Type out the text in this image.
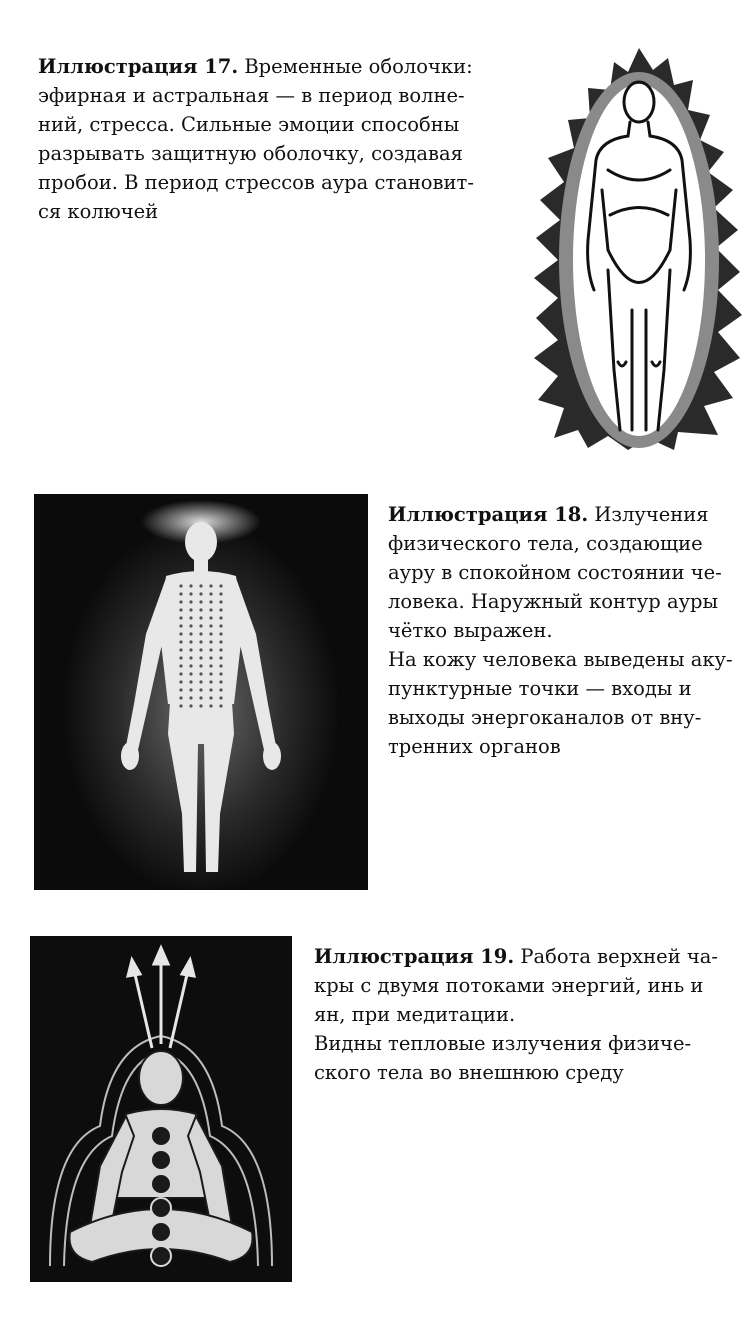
Иллюстрация 17. Временные оболочки:
эфирная и астральная — в период волне-
ний, стресса. Сильные эмоции способны
разрывать защитную оболочку, создавая
пробои. В период стрессов аура становит-
ся колючей
Иллюстрация 18. Излучения
физического тела, создающие
ауру в спокойном состоянии че-
ловека. Наружный контур ауры
чётко выражен.
На кожу человека выведены аку-
пунктурные точки — входы и
выходы энергоканалов от вну-
тренних органов
Иллюстрация 19. Работа верхней ча-
кры с двумя потоками энергий, инь и
ян, при медитации.
Видны тепловые излучения физиче-
ского тела во внешнюю среду
